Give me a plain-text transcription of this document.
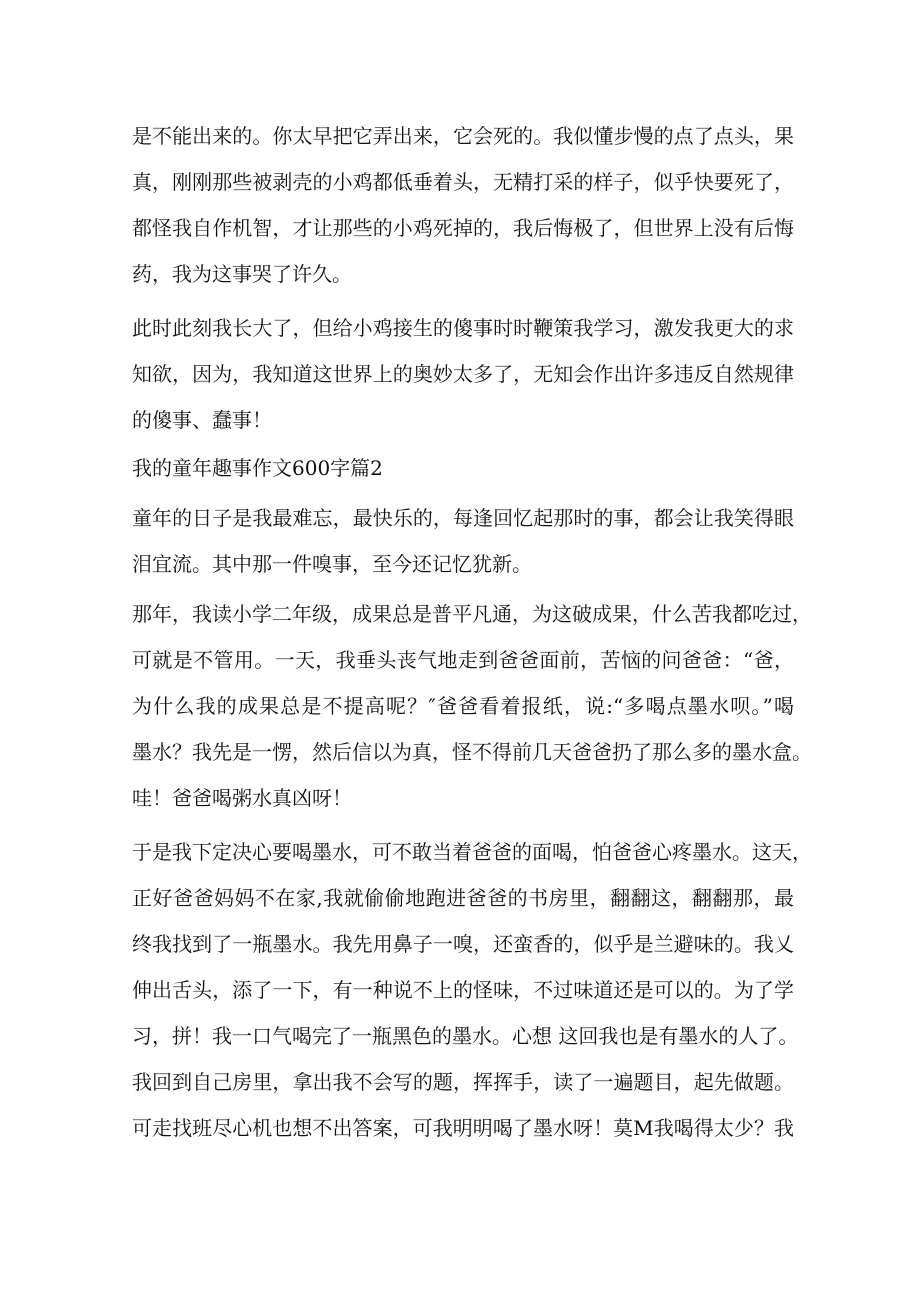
是不能出来的。你太早把它弄出来，它会死的。我似懂步慢的点了点头，果
真，刚刚那些被剥壳的小鸡都低垂着头，无精打采的样子，似乎快要死了，
都怪我自作机智，才让那些的小鸡死掉的，我后悔极了，但世界上没有后悔
药，我为这事哭了许久。
此时此刻我长大了，但给小鸡接生的傻事时时鞭策我学习，激发我更大的求
知欲，因为，我知道这世界上的奥妙太多了，无知会作出许多违反自然规律
的傻事、蠢事！
我的童年趣事作文600字篇2
童年的日子是我最难忘，最快乐的，每逢回忆起那时的事，都会让我笑得眼
泪宜流。其中那一件嗅事，至今还记忆犹新。
那年，我读小学二年级，成果总是普平凡通，为这破成果，什么苦我都吃过，
可就是不管用。一天，我垂头丧气地走到爸爸面前，苦恼的问爸爸：“爸，
为什么我的成果总是不提高呢？″爸爸看着报纸，说:“多喝点墨水呗。”喝
墨水？我先是一愣，然后信以为真，怪不得前几天爸爸扔了那么多的墨水盒。
哇！爸爸喝粥水真凶呀！
于是我下定决心要喝墨水，可不敢当着爸爸的面喝，怕爸爸心疼墨水。这天，
正好爸爸妈妈不在家,我就偷偷地跑进爸爸的书房里，翻翻这，翻翻那，最
终我找到了一瓶墨水。我先用鼻子一嗅，还蛮香的，似乎是兰避味的。我乂
伸出舌头，添了一下，有一种说不上的怪味，不过味道还是可以的。为了学
习，拼！我一口气喝完了一瓶黑色的墨水。心想 这回我也是有墨水的人了。
我回到自己房里，拿出我不会写的题，挥挥手，读了一遍题目，起先做题。
可走找班尽心机也想不出答案，可我明明喝了墨水呀！莫M我喝得太少？我
